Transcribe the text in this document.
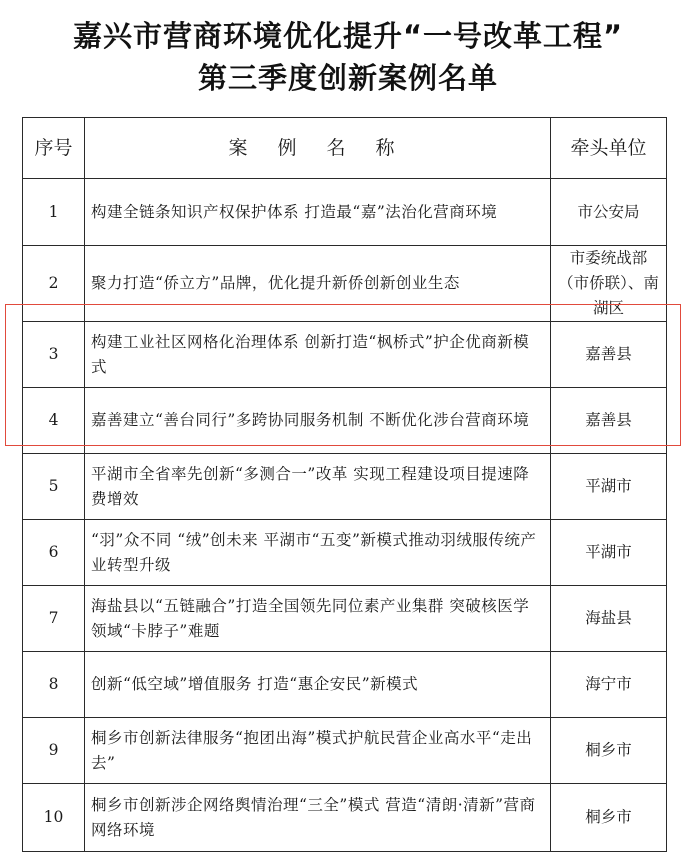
嘉兴市营商环境优化提升“一号改革工程”
第三季度创新案例名单
序号	案 例 名 称	牵头单位
1	构建全链条知识产权保护体系 打造最“嘉”法治化营商环境	市公安局
2	聚力打造“侨立方”品牌，优化提升新侨创新创业生态	市委统战部（市侨联）、南湖区
3	构建工业社区网格化治理体系 创新打造“枫桥式”护企优商新模式	嘉善县
4	嘉善建立“善台同行”多跨协同服务机制 不断优化涉台营商环境	嘉善县
5	平湖市全省率先创新“多测合一”改革 实现工程建设项目提速降费增效	平湖市
6	“羽”众不同 “绒”创未来 平湖市“五变”新模式推动羽绒服传统产业转型升级	平湖市
7	海盐县以“五链融合”打造全国领先同位素产业集群 突破核医学领域“卡脖子”难题	海盐县
8	创新“低空域”增值服务 打造“惠企安民”新模式	海宁市
9	桐乡市创新法律服务“抱团出海”模式护航民营企业高水平“走出去”	桐乡市
10	桐乡市创新涉企网络舆情治理“三全”模式 营造“清朗·清新”营商网络环境	桐乡市
